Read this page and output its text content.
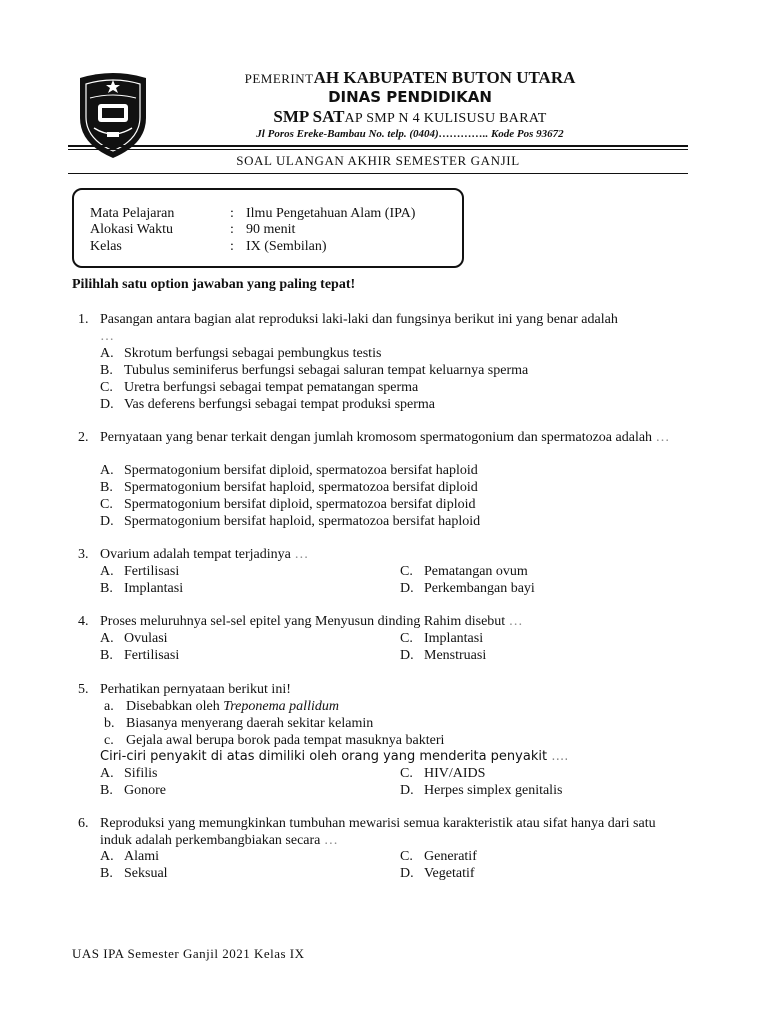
PEMERINTAH KABUPATEN BUTON UTARA
DINAS PENDIDIKAN
SMP SATAP SMP N 4 KULISUSU BARAT
Jl Poros Ereke-Bambau No. telp. (0404)………….. Kode Pos 93672
SOAL ULANGAN AKHIR SEMESTER GANJIL
Mata Pelajaran	: Ilmu Pengetahuan Alam (IPA)
Alokasi Waktu	: 90 menit
Kelas	: IX (Sembilan)
Pilihlah satu option jawaban yang paling tepat!
1. Pasangan antara bagian alat reproduksi laki-laki dan fungsinya berikut ini yang benar adalah
…
A. Skrotum berfungsi sebagai pembungkus testis
B. Tubulus seminiferus berfungsi sebagai saluran tempat keluarnya sperma
C. Uretra berfungsi sebagai tempat pematangan sperma
D. Vas deferens berfungsi sebagai tempat produksi sperma
2. Pernyataan yang benar terkait dengan jumlah kromosom spermatogonium dan spermatozoa adalah …
A. Spermatogonium bersifat diploid, spermatozoa bersifat haploid
B. Spermatogonium bersifat haploid, spermatozoa bersifat diploid
C. Spermatogonium bersifat diploid, spermatozoa bersifat diploid
D. Spermatogonium bersifat haploid, spermatozoa bersifat haploid
3. Ovarium adalah tempat terjadinya …
A. Fertilisasi	C. Pematangan ovum
B. Implantasi	D. Perkembangan bayi
4. Proses meluruhnya sel-sel epitel yang Menyusun dinding Rahim disebut …
A. Ovulasi	C. Implantasi
B. Fertilisasi	D. Menstruasi
5. Perhatikan pernyataan berikut ini!
a. Disebabkan oleh Treponema pallidum
b. Biasanya menyerang daerah sekitar kelamin
c. Gejala awal berupa borok pada tempat masuknya bakteri
Ciri-ciri penyakit di atas dimiliki oleh orang yang menderita penyakit ….
A. Sifilis	C. HIV/AIDS
B. Gonore	D. Herpes simplex genitalis
6. Reproduksi yang memungkinkan tumbuhan mewarisi semua karakteristik atau sifat hanya dari satu induk adalah perkembangbiakan secara …
A. Alami	C. Generatif
B. Seksual	D. Vegetatif
UAS IPA Semester Ganjil 2021 Kelas IX
